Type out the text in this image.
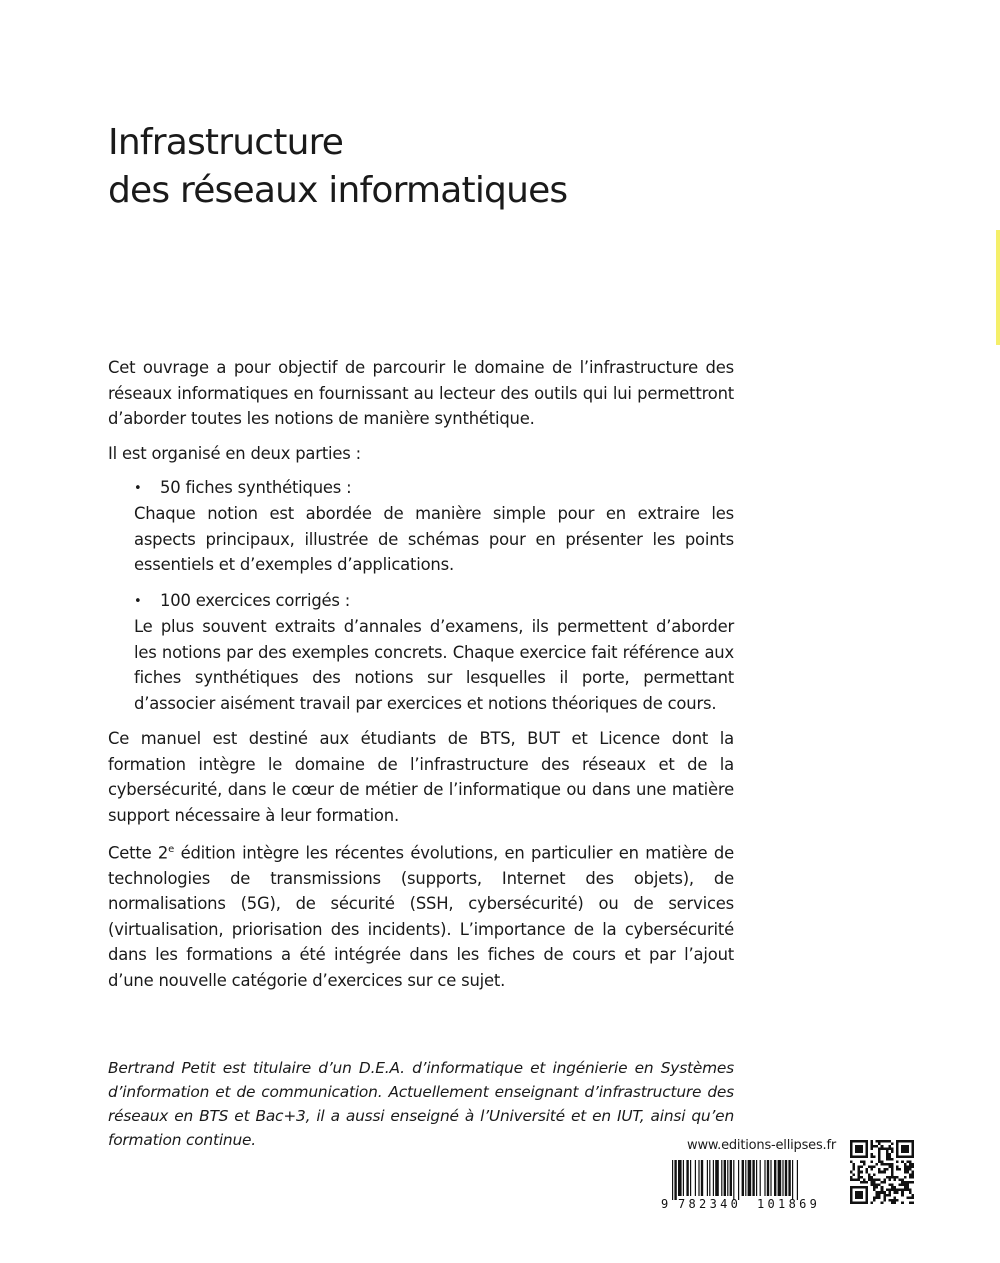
Infrastructure
des réseaux informatiques

Cet ouvrage a pour objectif de parcourir le domaine de l’infrastructure des réseaux informatiques en fournissant au lecteur des outils qui lui permettront d’aborder toutes les notions de manière synthétique.

Il est organisé en deux parties :

• 50 fiches synthétiques :
Chaque notion est abordée de manière simple pour en extraire les aspects principaux, illustrée de schémas pour en présenter les points essentiels et d’exemples d’applications.
• 100 exercices corrigés :
Le plus souvent extraits d’annales d’examens, ils permettent d’aborder les notions par des exemples concrets. Chaque exercice fait référence aux fiches synthétiques des notions sur lesquelles il porte, permettant d’associer aisément travail par exercices et notions théoriques de cours.

Ce manuel est destiné aux étudiants de BTS, BUT et Licence dont la formation intègre le domaine de l’infrastructure des réseaux et de la cybersécurité, dans le cœur de métier de l’informatique ou dans une matière support nécessaire à leur formation.

Cette 2e édition intègre les récentes évolutions, en particulier en matière de technologies de transmissions (supports, Internet des objets), de normalisations (5G), de sécurité (SSH, cybersécurité) ou de services (virtualisation, priorisation des incidents). L’importance de la cybersécurité dans les formations a été intégrée dans les fiches de cours et par l’ajout d’une nouvelle catégorie d’exercices sur ce sujet.

Bertrand Petit est titulaire d’un D.E.A. d’informatique et ingénierie en Systèmes d’information et de communication. Actuellement enseignant d’infrastructure des réseaux en BTS et Bac+3, il a aussi enseigné à l’Université et en IUT, ainsi qu’en formation continue.	www.editions-ellipses.fr
9 782340 101869
